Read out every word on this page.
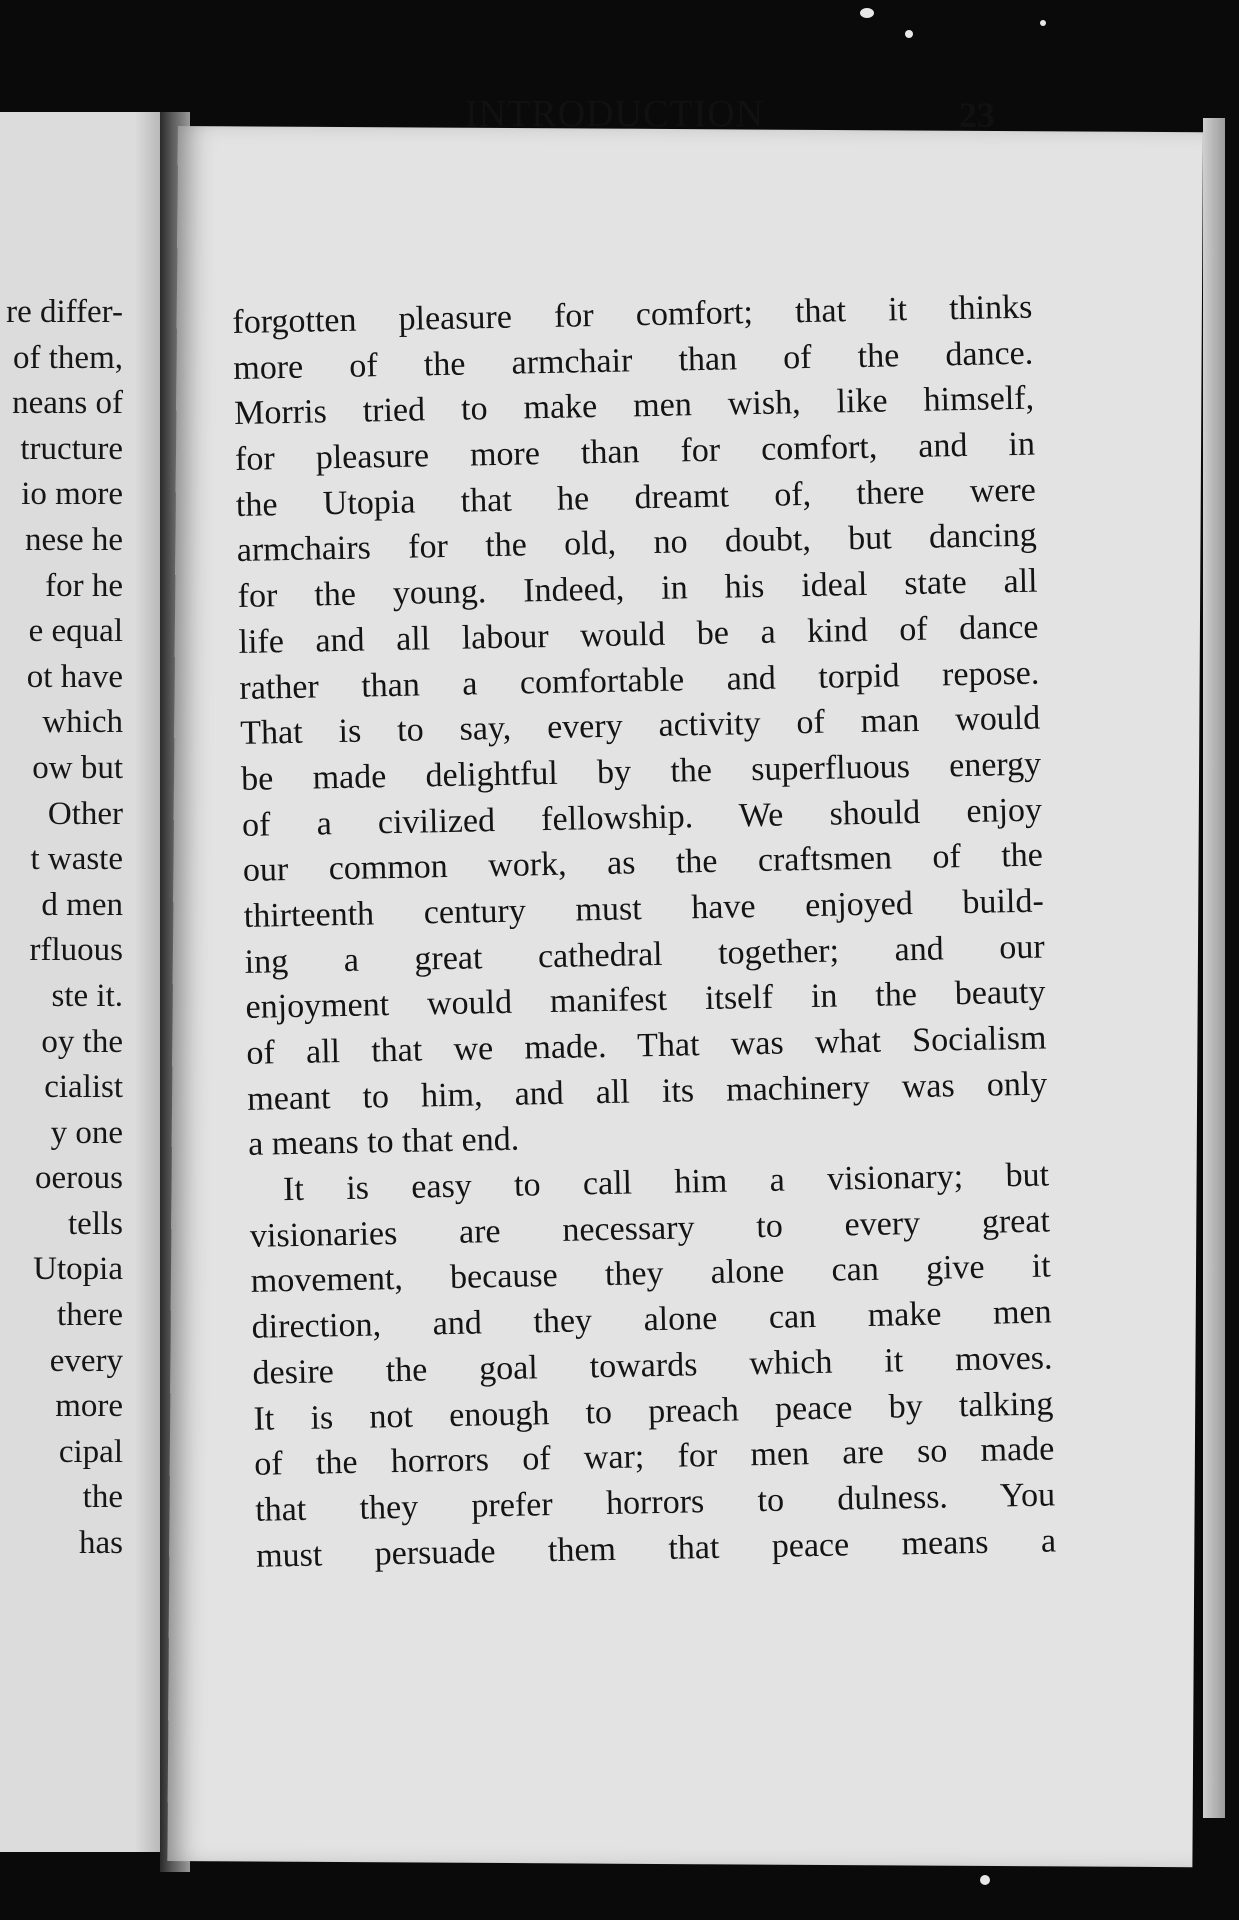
re differ-
of them,
neans of
tructure
io more
nese he
for he
e equal
ot have
which
ow but
Other
t waste
d men
rfluous
ste it.
oy the
cialist
y one
oerous
tells
Utopia
there
every
more
cipal
the
has
INTRODUCTION	23
forgotten pleasure for comfort; that it thinks
more of the armchair than of the dance.
Morris tried to make men wish, like himself,
for pleasure more than for comfort, and in
the Utopia that he dreamt of, there were
armchairs for the old, no doubt, but dancing
for the young. Indeed, in his ideal state all
life and all labour would be a kind of dance
rather than a comfortable and torpid repose.
That is to say, every activity of man would
be made delightful by the superfluous energy
of a civilized fellowship. We should enjoy
our common work, as the craftsmen of the
thirteenth century must have enjoyed build-
ing a great cathedral together; and our
enjoyment would manifest itself in the beauty
of all that we made. That was what Socialism
meant to him, and all its machinery was only
a means to that end.
It is easy to call him a visionary; but
visionaries are necessary to every great
movement, because they alone can give it
direction, and they alone can make men
desire the goal towards which it moves.
It is not enough to preach peace by talking
of the horrors of war; for men are so made
that they prefer horrors to dulness. You
must persuade them that peace means a
